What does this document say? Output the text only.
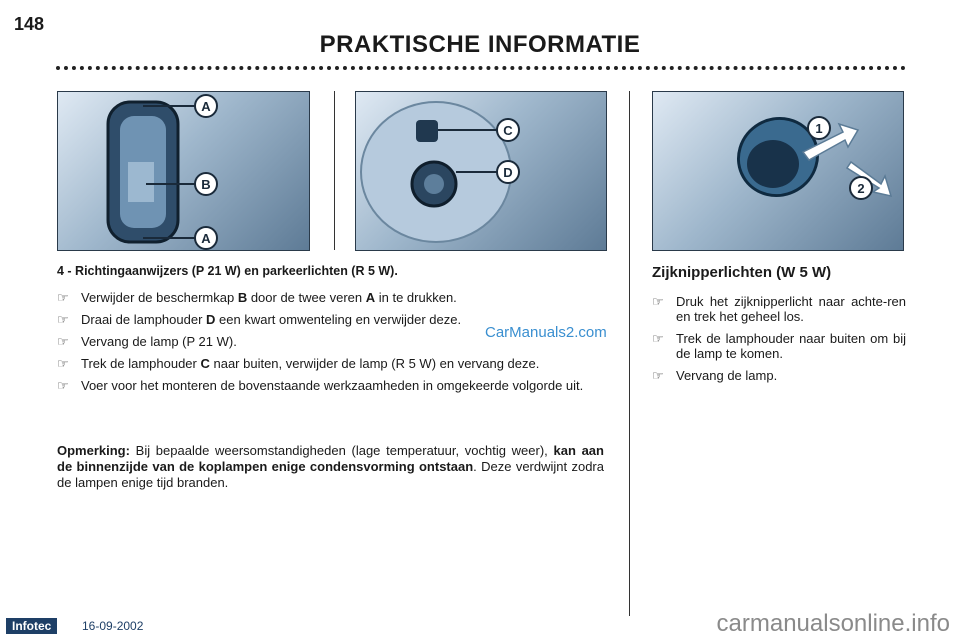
148
PRAKTISCHE INFORMATIE
A
B
A
C
D
1
2
4 - Richtingaanwijzers (P 21 W) en parkeerlichten (R 5 W).
☞ Verwijder de beschermkap B door de twee veren A in te drukken.
☞ Draai de lamphouder D een kwart omwenteling en verwijder deze.
☞ Vervang de lamp (P 21 W).
☞ Trek de lamphouder C naar buiten, verwijder de lamp (R 5 W) en vervang deze.
☞ Voer voor het monteren de bovenstaande werkzaamheden in omgekeerde volgorde uit.
Opmerking: Bij bepaalde weersomstandigheden (lage temperatuur, vochtig weer), kan aan de binnenzijde van de koplampen enige condensvorming ontstaan. Deze verdwijnt zodra de lampen enige tijd branden.
CarManuals2.com
Zijknipperlichten (W 5 W)
☞ Druk het zijknipperlicht naar achte-ren en trek het geheel los.
☞ Trek de lamphouder naar buiten om bij de lamp te komen.
☞ Vervang de lamp.
Infotec	16-09-2002	carmanualsonline.info
